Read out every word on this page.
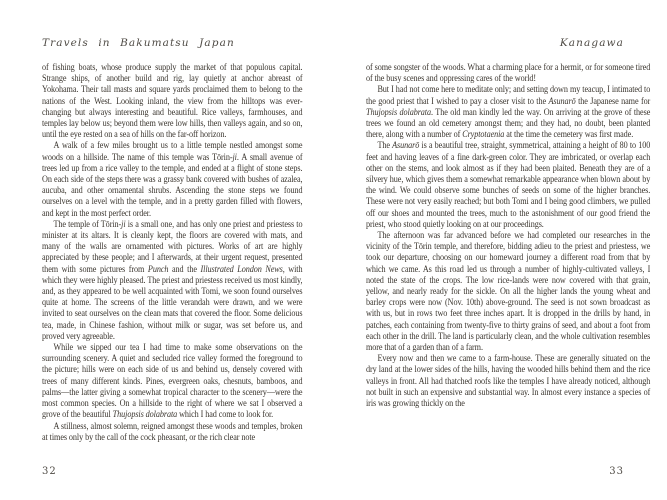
Travels in Bakumatsu Japan

of fishing boats, whose produce supply the market of that populous capital. Strange ships, of another build and rig, lay quietly at anchor abreast of Yokohama. Their tall masts and square yards proclaimed them to belong to the nations of the West. Looking inland, the view from the hilltops was ever-changing but always interesting and beautiful. Rice valleys, farmhouses, and temples lay below us; beyond them were low hills, then valleys again, and so on, until the eye rested on a sea of hills on the far-off horizon.

A walk of a few miles brought us to a little temple nestled amongst some woods on a hillside. The name of this temple was Tōrin-ji. A small avenue of trees led up from a rice valley to the temple, and ended at a flight of stone steps. On each side of the steps there was a grassy bank covered with bushes of azalea, aucuba, and other ornamental shrubs. Ascending the stone steps we found ourselves on a level with the temple, and in a pretty garden filled with flowers, and kept in the most perfect order.

The temple of Tōrin-ji is a small one, and has only one priest and priestess to minister at its altars. It is cleanly kept, the floors are covered with mats, and many of the walls are ornamented with pictures. Works of art are highly appreciated by these people; and I afterwards, at their urgent request, presented them with some pictures from Punch and the Illustrated London News, with which they were highly pleased. The priest and priestess received us most kindly, and, as they appeared to be well acquainted with Tomi, we soon found ourselves quite at home. The screens of the little verandah were drawn, and we were invited to seat ourselves on the clean mats that covered the floor. Some delicious tea, made, in Chinese fashion, without milk or sugar, was set before us, and proved very agreeable.

While we sipped our tea I had time to make some observations on the surrounding scenery. A quiet and secluded rice valley formed the foreground to the picture; hills were on each side of us and behind us, densely covered with trees of many different kinds. Pines, evergreen oaks, chesnuts, bamboos, and palms—the latter giving a somewhat tropical character to the scenery—were the most common species. On a hillside to the right of where we sat I observed a grove of the beautiful Thujopsis dolabrata which I had come to look for.

A stillness, almost solemn, reigned amongst these woods and temples, broken at times only by the call of the cock pheasant, or the rich clear note

32
Kanagawa

of some songster of the woods. What a charming place for a hermit, or for someone tired of the busy scenes and oppressing cares of the world!

But I had not come here to meditate only; and setting down my teacup, I intimated to the good priest that I wished to pay a closer visit to the Asunarō the Japanese name for Thujopsis dolabrata. The old man kindly led the way. On arriving at the grove of these trees we found an old cemetery amongst them; and they had, no doubt, been planted there, along with a number of Cryptotaenia at the time the cemetery was first made.

The Asunarō is a beautiful tree, straight, symmetrical, attaining a height of 80 to 100 feet and having leaves of a fine dark-green color. They are imbricated, or overlap each other on the stems, and look almost as if they had been plaited. Beneath they are of a silvery hue, which gives them a somewhat remarkable appearance when blown about by the wind. We could observe some bunches of seeds on some of the higher branches. These were not very easily reached; but both Tomi and I being good climbers, we pulled off our shoes and mounted the trees, much to the astonishment of our good friend the priest, who stood quietly looking on at our proceedings.

The afternoon was far advanced before we had completed our researches in the vicinity of the Tōrin temple, and therefore, bidding adieu to the priest and priestess, we took our departure, choosing on our homeward journey a different road from that by which we came. As this road led us through a number of highly-cultivated valleys, I noted the state of the crops. The low rice-lands were now covered with that grain, yellow, and nearly ready for the sickle. On all the higher lands the young wheat and barley crops were now (Nov. 10th) above-ground. The seed is not sown broadcast as with us, but in rows two feet three inches apart. It is dropped in the drills by hand, in patches, each containing from twenty-five to thirty grains of seed, and about a foot from each other in the drill. The land is particularly clean, and the whole cultivation resembles more that of a garden than of a farm.

Every now and then we came to a farm-house. These are generally situated on the dry land at the lower sides of the hills, having the wooded hills behind them and the rice valleys in front. All had thatched roofs like the temples I have already noticed, although not built in such an expensive and substantial way. In almost every instance a species of iris was growing thickly on the

33
